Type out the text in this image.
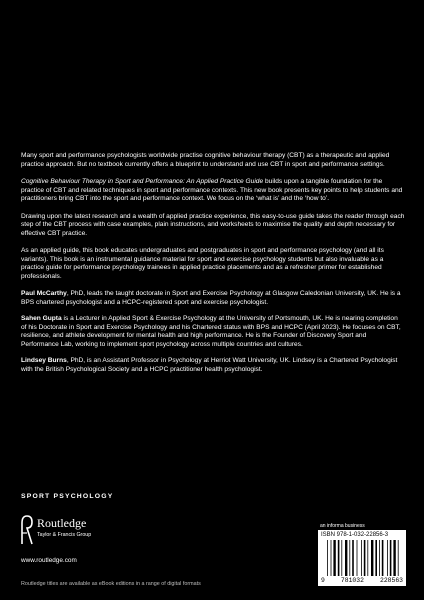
Many sport and performance psychologists worldwide practise cognitive behaviour therapy (CBT) as a therapeutic and applied practice approach. But no textbook currently offers a blueprint to understand and use CBT in sport and performance settings.

Cognitive Behaviour Therapy in Sport and Performance: An Applied Practice Guide builds upon a tangible foundation for the practice of CBT and related techniques in sport and performance contexts. This new book presents key points to help students and practitioners bring CBT into the sport and performance context. We focus on the ‘what is’ and the ‘how to’.

Drawing upon the latest research and a wealth of applied practice experience, this easy-to-use guide takes the reader through each step of the CBT process with case examples, plain instructions, and worksheets to maximise the quality and depth necessary for effective CBT practice.

As an applied guide, this book educates undergraduates and postgraduates in sport and performance psychology (and all its variants). This book is an instrumental guidance material for sport and exercise psychology students but also invaluable as a practice guide for performance psychology trainees in applied practice placements and as a refresher primer for established professionals.

Paul McCarthy, PhD, leads the taught doctorate in Sport and Exercise Psychology at Glasgow Caledonian University, UK. He is a BPS chartered psychologist and a HCPC-registered sport and exercise psychologist.

Sahen Gupta is a Lecturer in Applied Sport & Exercise Psychology at the University of Portsmouth, UK. He is nearing completion of his Doctorate in Sport and Exercise Psychology and his Chartered status with BPS and HCPC (April 2023). He focuses on CBT, resilience, and athlete development for mental health and high performance. He is the Founder of Discovery Sport and Performance Lab, working to implement sport psychology across multiple countries and cultures.

Lindsey Burns, PhD, is an Assistant Professor in Psychology at Herriot Watt University, UK. Lindsey is a Chartered Psychologist with the British Psychological Society and a HCPC practitioner health psychologist.

SPORT PSYCHOLOGY
Routledge
Taylor & Francis Group
www.routledge.com
Routledge titles are available as eBook editions in a range of digital formats
an informa business
ISBN 978-1-032-22856-3
9	781032	228563
